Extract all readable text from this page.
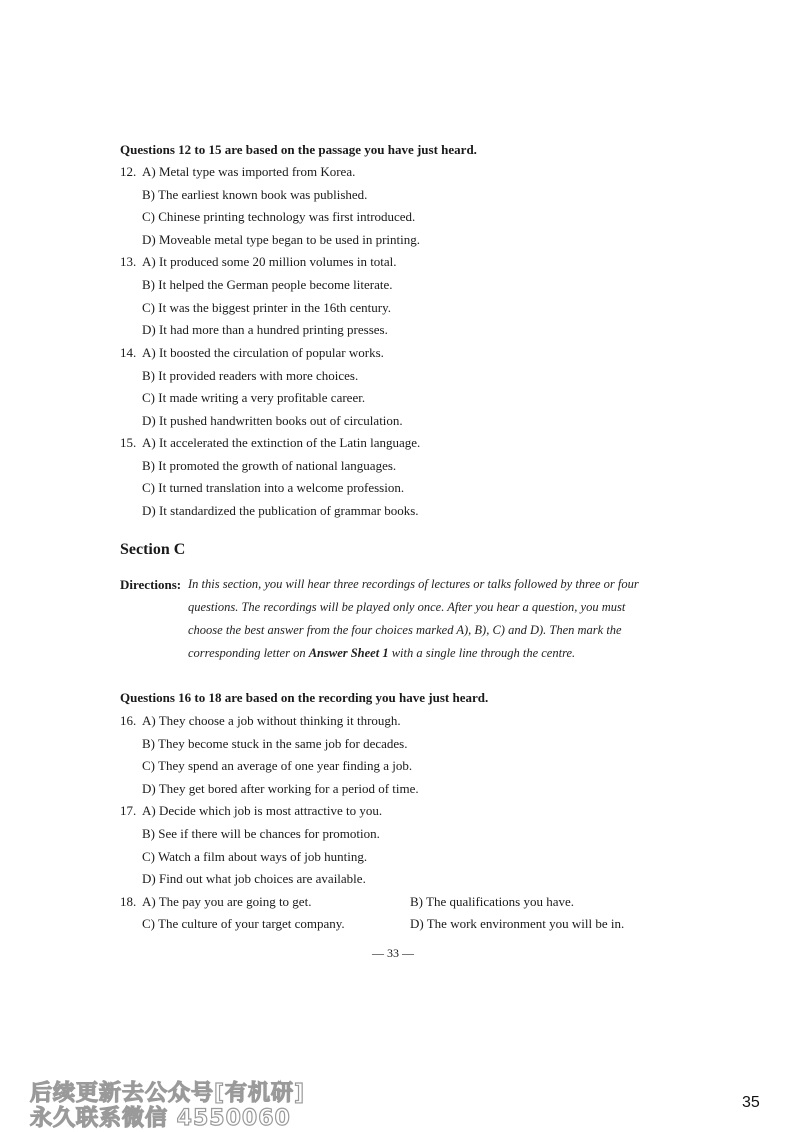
Questions 12 to 15 are based on the passage you have just heard.
12. A) Metal type was imported from Korea.
B) The earliest known book was published.
C) Chinese printing technology was first introduced.
D) Moveable metal type began to be used in printing.
13. A) It produced some 20 million volumes in total.
B) It helped the German people become literate.
C) It was the biggest printer in the 16th century.
D) It had more than a hundred printing presses.
14. A) It boosted the circulation of popular works.
B) It provided readers with more choices.
C) It made writing a very profitable career.
D) It pushed handwritten books out of circulation.
15. A) It accelerated the extinction of the Latin language.
B) It promoted the growth of national languages.
C) It turned translation into a welcome profession.
D) It standardized the publication of grammar books.
Section C
Directions: In this section, you will hear three recordings of lectures or talks followed by three or four
questions. The recordings will be played only once. After you hear a question, you must
choose the best answer from the four choices marked A), B), C) and D). Then mark the
corresponding letter on Answer Sheet 1 with a single line through the centre.
Questions 16 to 18 are based on the recording you have just heard.
16. A) They choose a job without thinking it through.
B) They become stuck in the same job for decades.
C) They spend an average of one year finding a job.
D) They get bored after working for a period of time.
17. A) Decide which job is most attractive to you.
B) See if there will be chances for promotion.
C) Watch a film about ways of job hunting.
D) Find out what job choices are available.
18. A) The pay you are going to get.	B) The qualifications you have.
C) The culture of your target company.	D) The work environment you will be in.
— 33 —
后续更新去公众号[有机研]
永久联系微信 4550060
35
